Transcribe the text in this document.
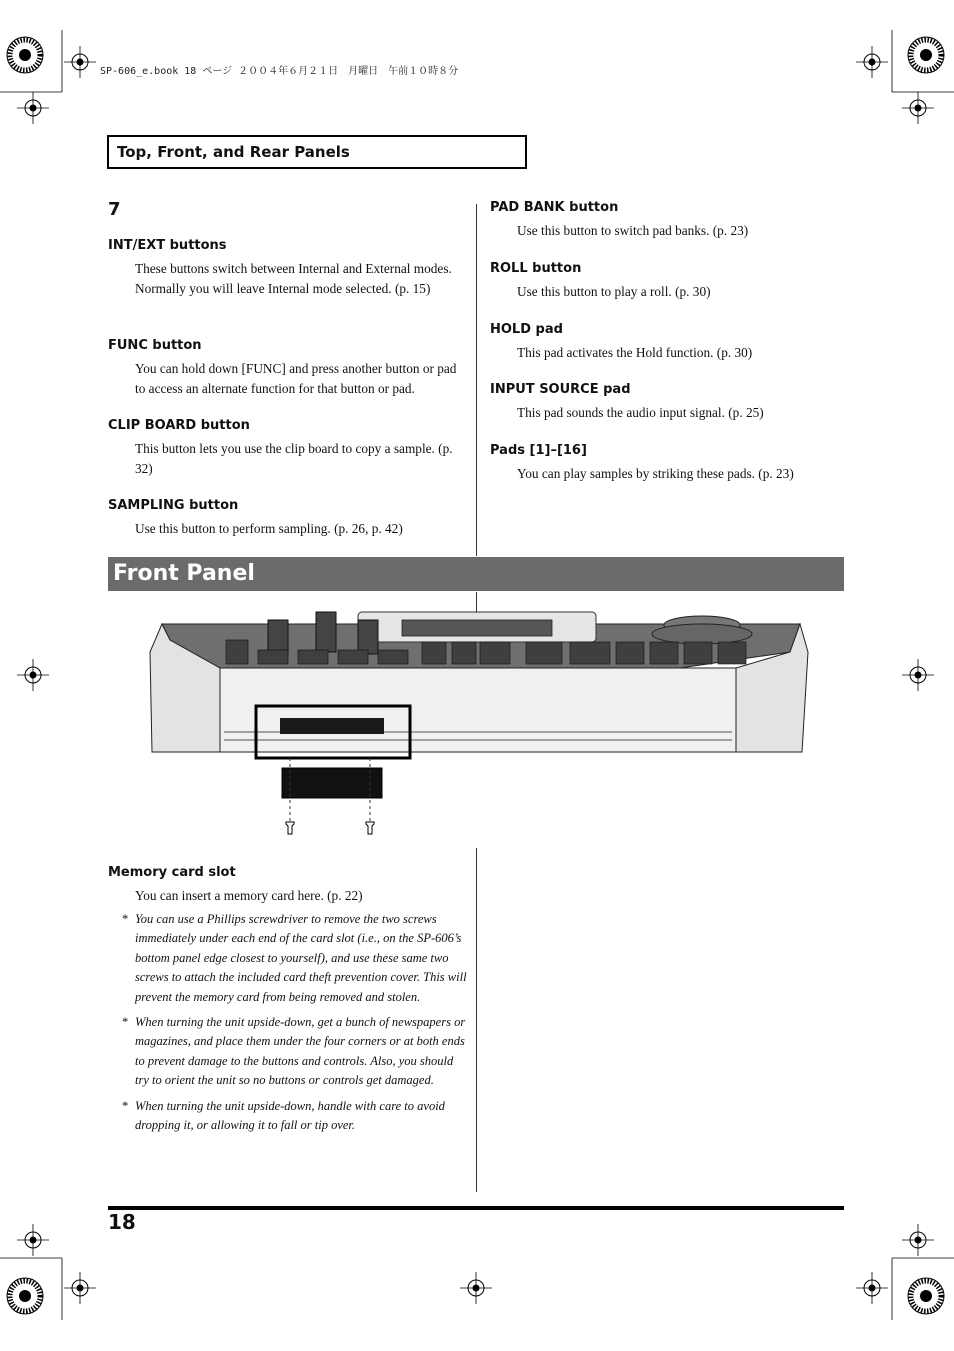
SP-606_e.book 18 ページ ２００４年６月２１日　月曜日　午前１０時８分
Top, Front, and Rear Panels
7

INT/EXT buttons

These buttons switch between Internal and External modes. Normally you will leave Internal mode selected. (p. 15)

FUNC button

You can hold down [FUNC] and press another button or pad to access an alternate function for that button or pad.

CLIP BOARD button

This button lets you use the clip board to copy a sample. (p. 32)

SAMPLING button

Use this button to perform sampling. (p. 26, p. 42)

PAD BANK button

Use this button to switch pad banks. (p. 23)

ROLL button

Use this button to play a roll. (p. 30)

HOLD pad

This pad activates the Hold function. (p. 30)

INPUT SOURCE pad

This pad sounds the audio input signal. (p. 25)

Pads [1]–[16]

You can play samples by striking these pads. (p. 23)

Front Panel

Memory card slot

You can insert a memory card here. (p. 22)

* You can use a Phillips screwdriver to remove the two screws immediately under each end of the card slot (i.e., on the SP-606’s bottom panel edge closest to yourself), and use these same two screws to attach the included card theft prevention cover. This will prevent the memory card from being removed and stolen.

* When turning the unit upside-down, get a bunch of newspapers or magazines, and place them under the four corners or at both ends to prevent damage to the buttons and controls. Also, you should try to orient the unit so no buttons or controls get damaged.

* When turning the unit upside-down, handle with care to avoid dropping it, or allowing it to fall or tip over.

18
